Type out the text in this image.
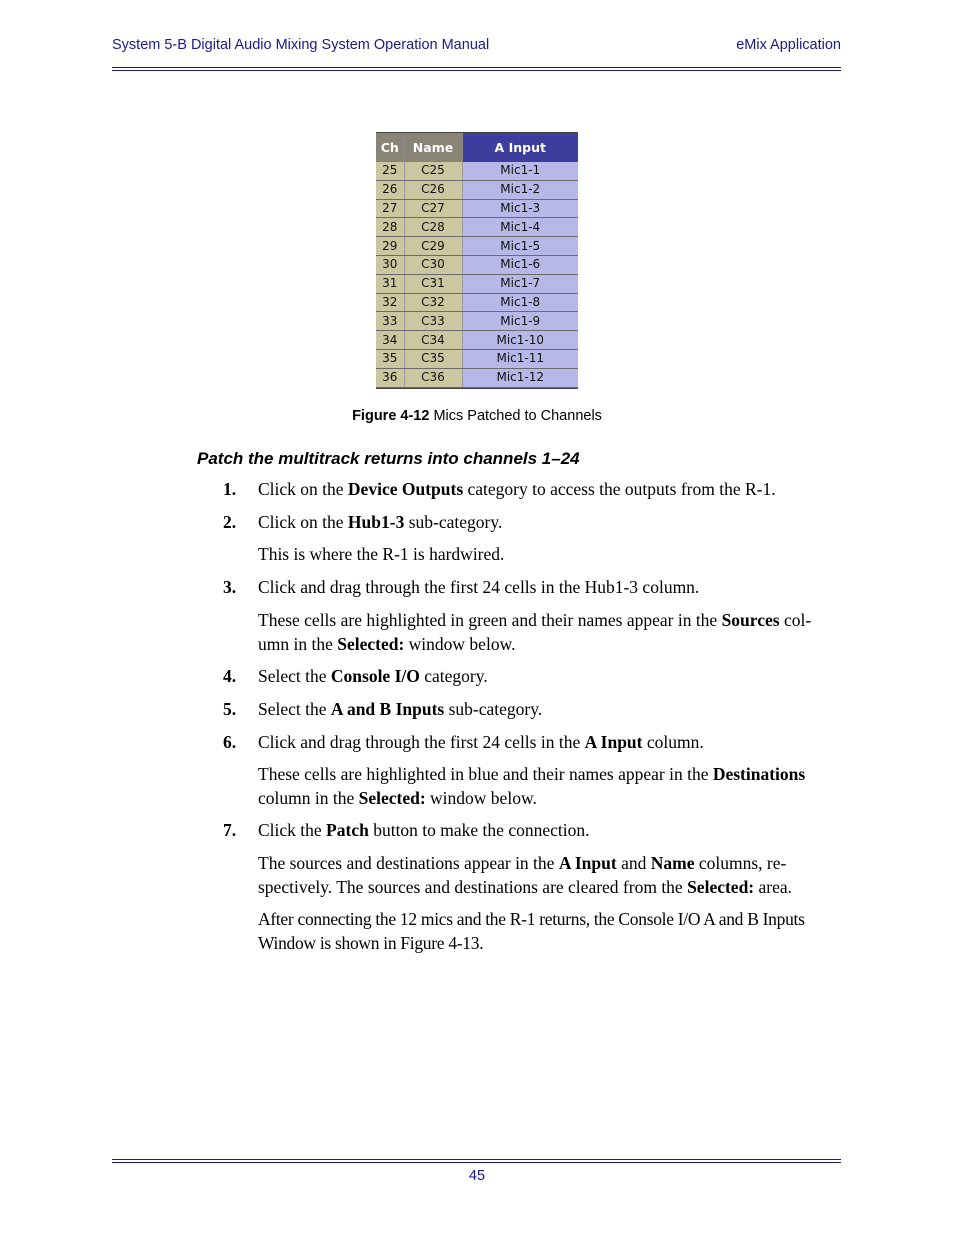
System 5-B Digital Audio Mixing System Operation Manual	eMix Application
Ch	Name	A Input
25	C25	Mic1-1
26	C26	Mic1-2
27	C27	Mic1-3
28	C28	Mic1-4
29	C29	Mic1-5
30	C30	Mic1-6
31	C31	Mic1-7
32	C32	Mic1-8
33	C33	Mic1-9
34	C34	Mic1-10
35	C35	Mic1-11
36	C36	Mic1-12
Figure 4-12 Mics Patched to Channels
Patch the multitrack returns into channels 1–24
1. Click on the Device Outputs category to access the outputs from the R-1.
2. Click on the Hub1-3 sub-category.
This is where the R-1 is hardwired.
3. Click and drag through the first 24 cells in the Hub1-3 column.
These cells are highlighted in green and their names appear in the Sources col-
umn in the Selected: window below.
4. Select the Console I/O category.
5. Select the A and B Inputs sub-category.
6. Click and drag through the first 24 cells in the A Input column.
These cells are highlighted in blue and their names appear in the Destinations
column in the Selected: window below.
7. Click the Patch button to make the connection.
The sources and destinations appear in the A Input and Name columns, re-
spectively. The sources and destinations are cleared from the Selected: area.
After connecting the 12 mics and the R-1 returns, the Console I/O A and B Inputs
Window is shown in Figure 4-13.
45
